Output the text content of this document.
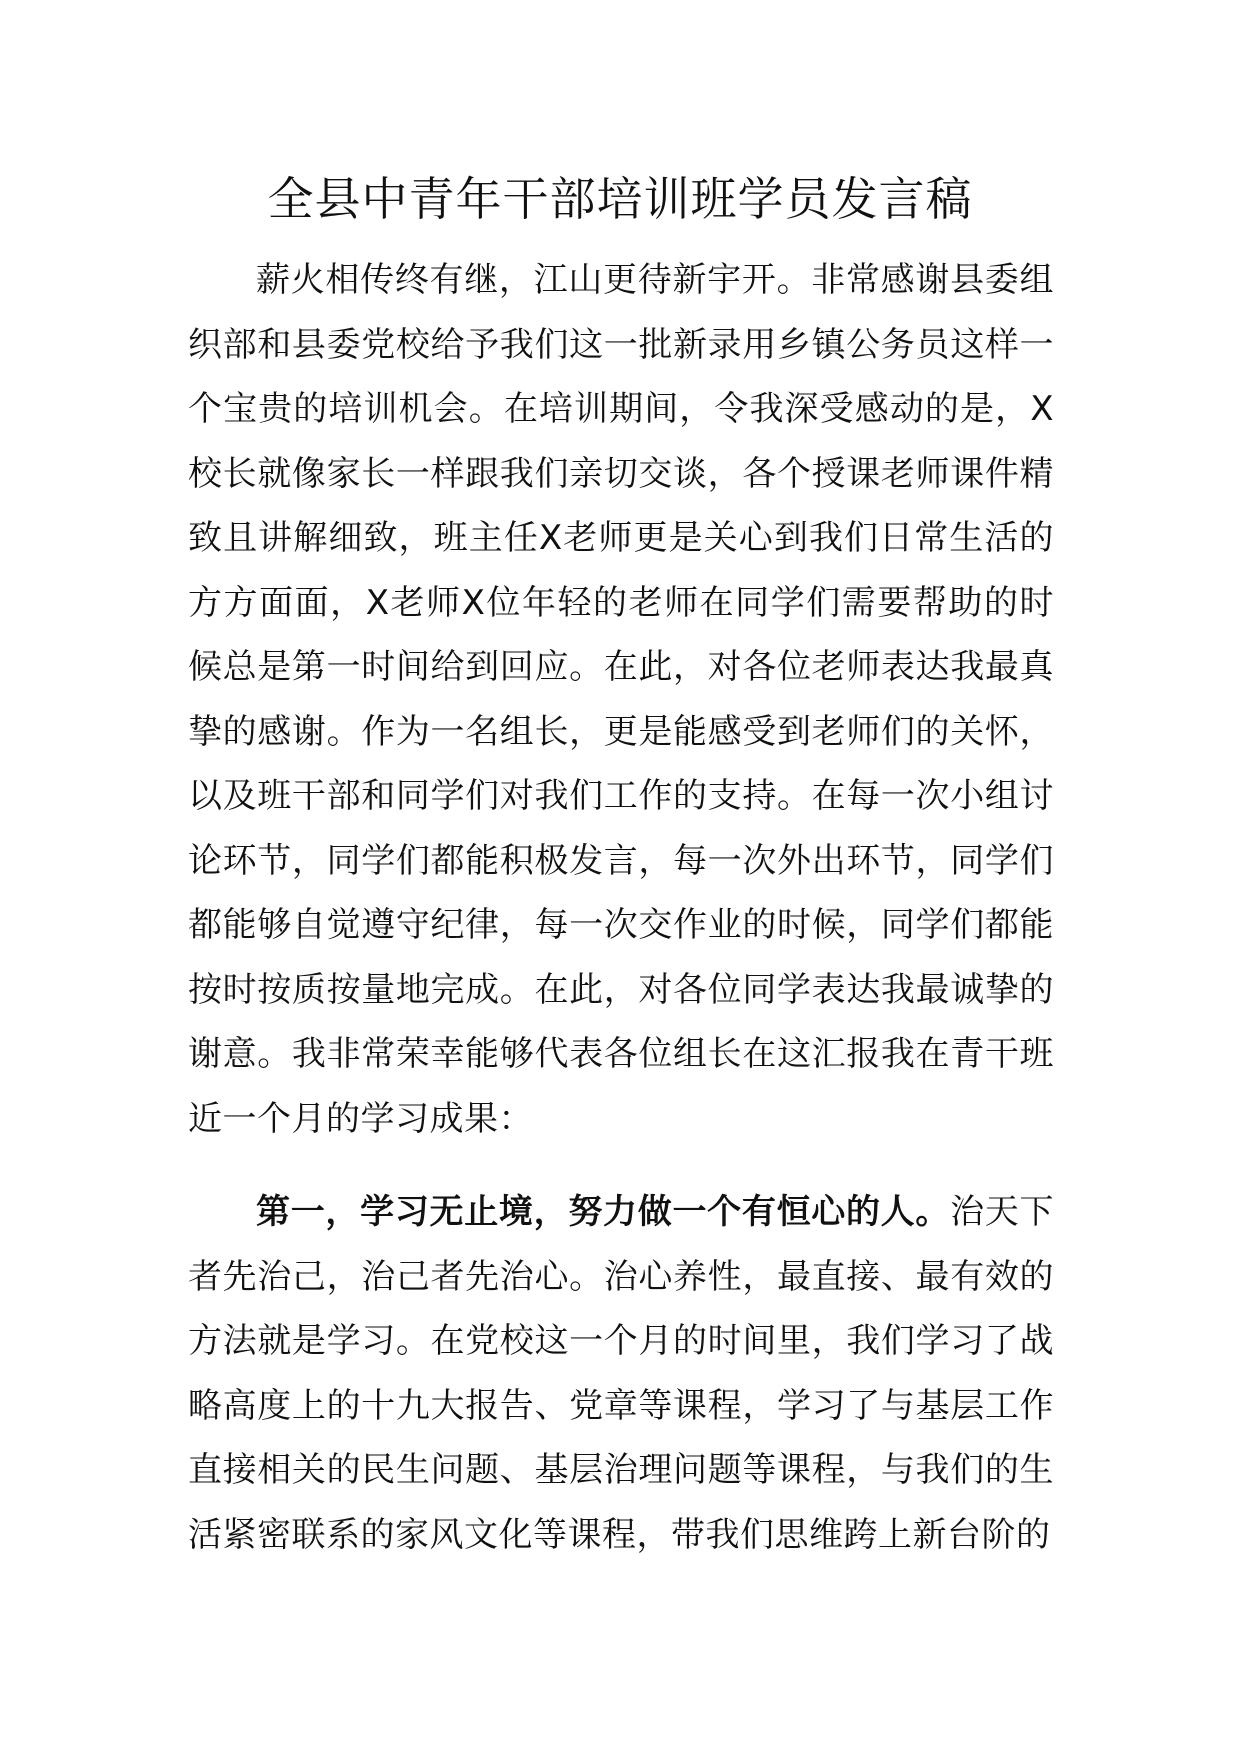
全县中青年干部培训班学员发言稿

薪火相传终有继，江山更待新宇开。非常感谢县委组织部和县委党校给予我们这一批新录用乡镇公务员这样一个宝贵的培训机会。在培训期间，令我深受感动的是，X校长就像家长一样跟我们亲切交谈，各个授课老师课件精致且讲解细致，班主任X老师更是关心到我们日常生活的方方面面，X老师X位年轻的老师在同学们需要帮助的时候总是第一时间给到回应。在此，对各位老师表达我最真挚的感谢。作为一名组长，更是能感受到老师们的关怀，以及班干部和同学们对我们工作的支持。在每一次小组讨论环节，同学们都能积极发言，每一次外出环节，同学们都能够自觉遵守纪律，每一次交作业的时候，同学们都能按时按质按量地完成。在此，对各位同学表达我最诚挚的谢意。我非常荣幸能够代表各位组长在这汇报我在青干班近一个月的学习成果：

第一，学习无止境，努力做一个有恒心的人。治天下者先治己，治己者先治心。治心养性，最直接、最有效的方法就是学习。在党校这一个月的时间里，我们学习了战略高度上的十九大报告、党章等课程，学习了与基层工作直接相关的民生问题、基层治理问题等课程，与我们的生活紧密联系的家风文化等课程，带我们思维跨上新台阶的
